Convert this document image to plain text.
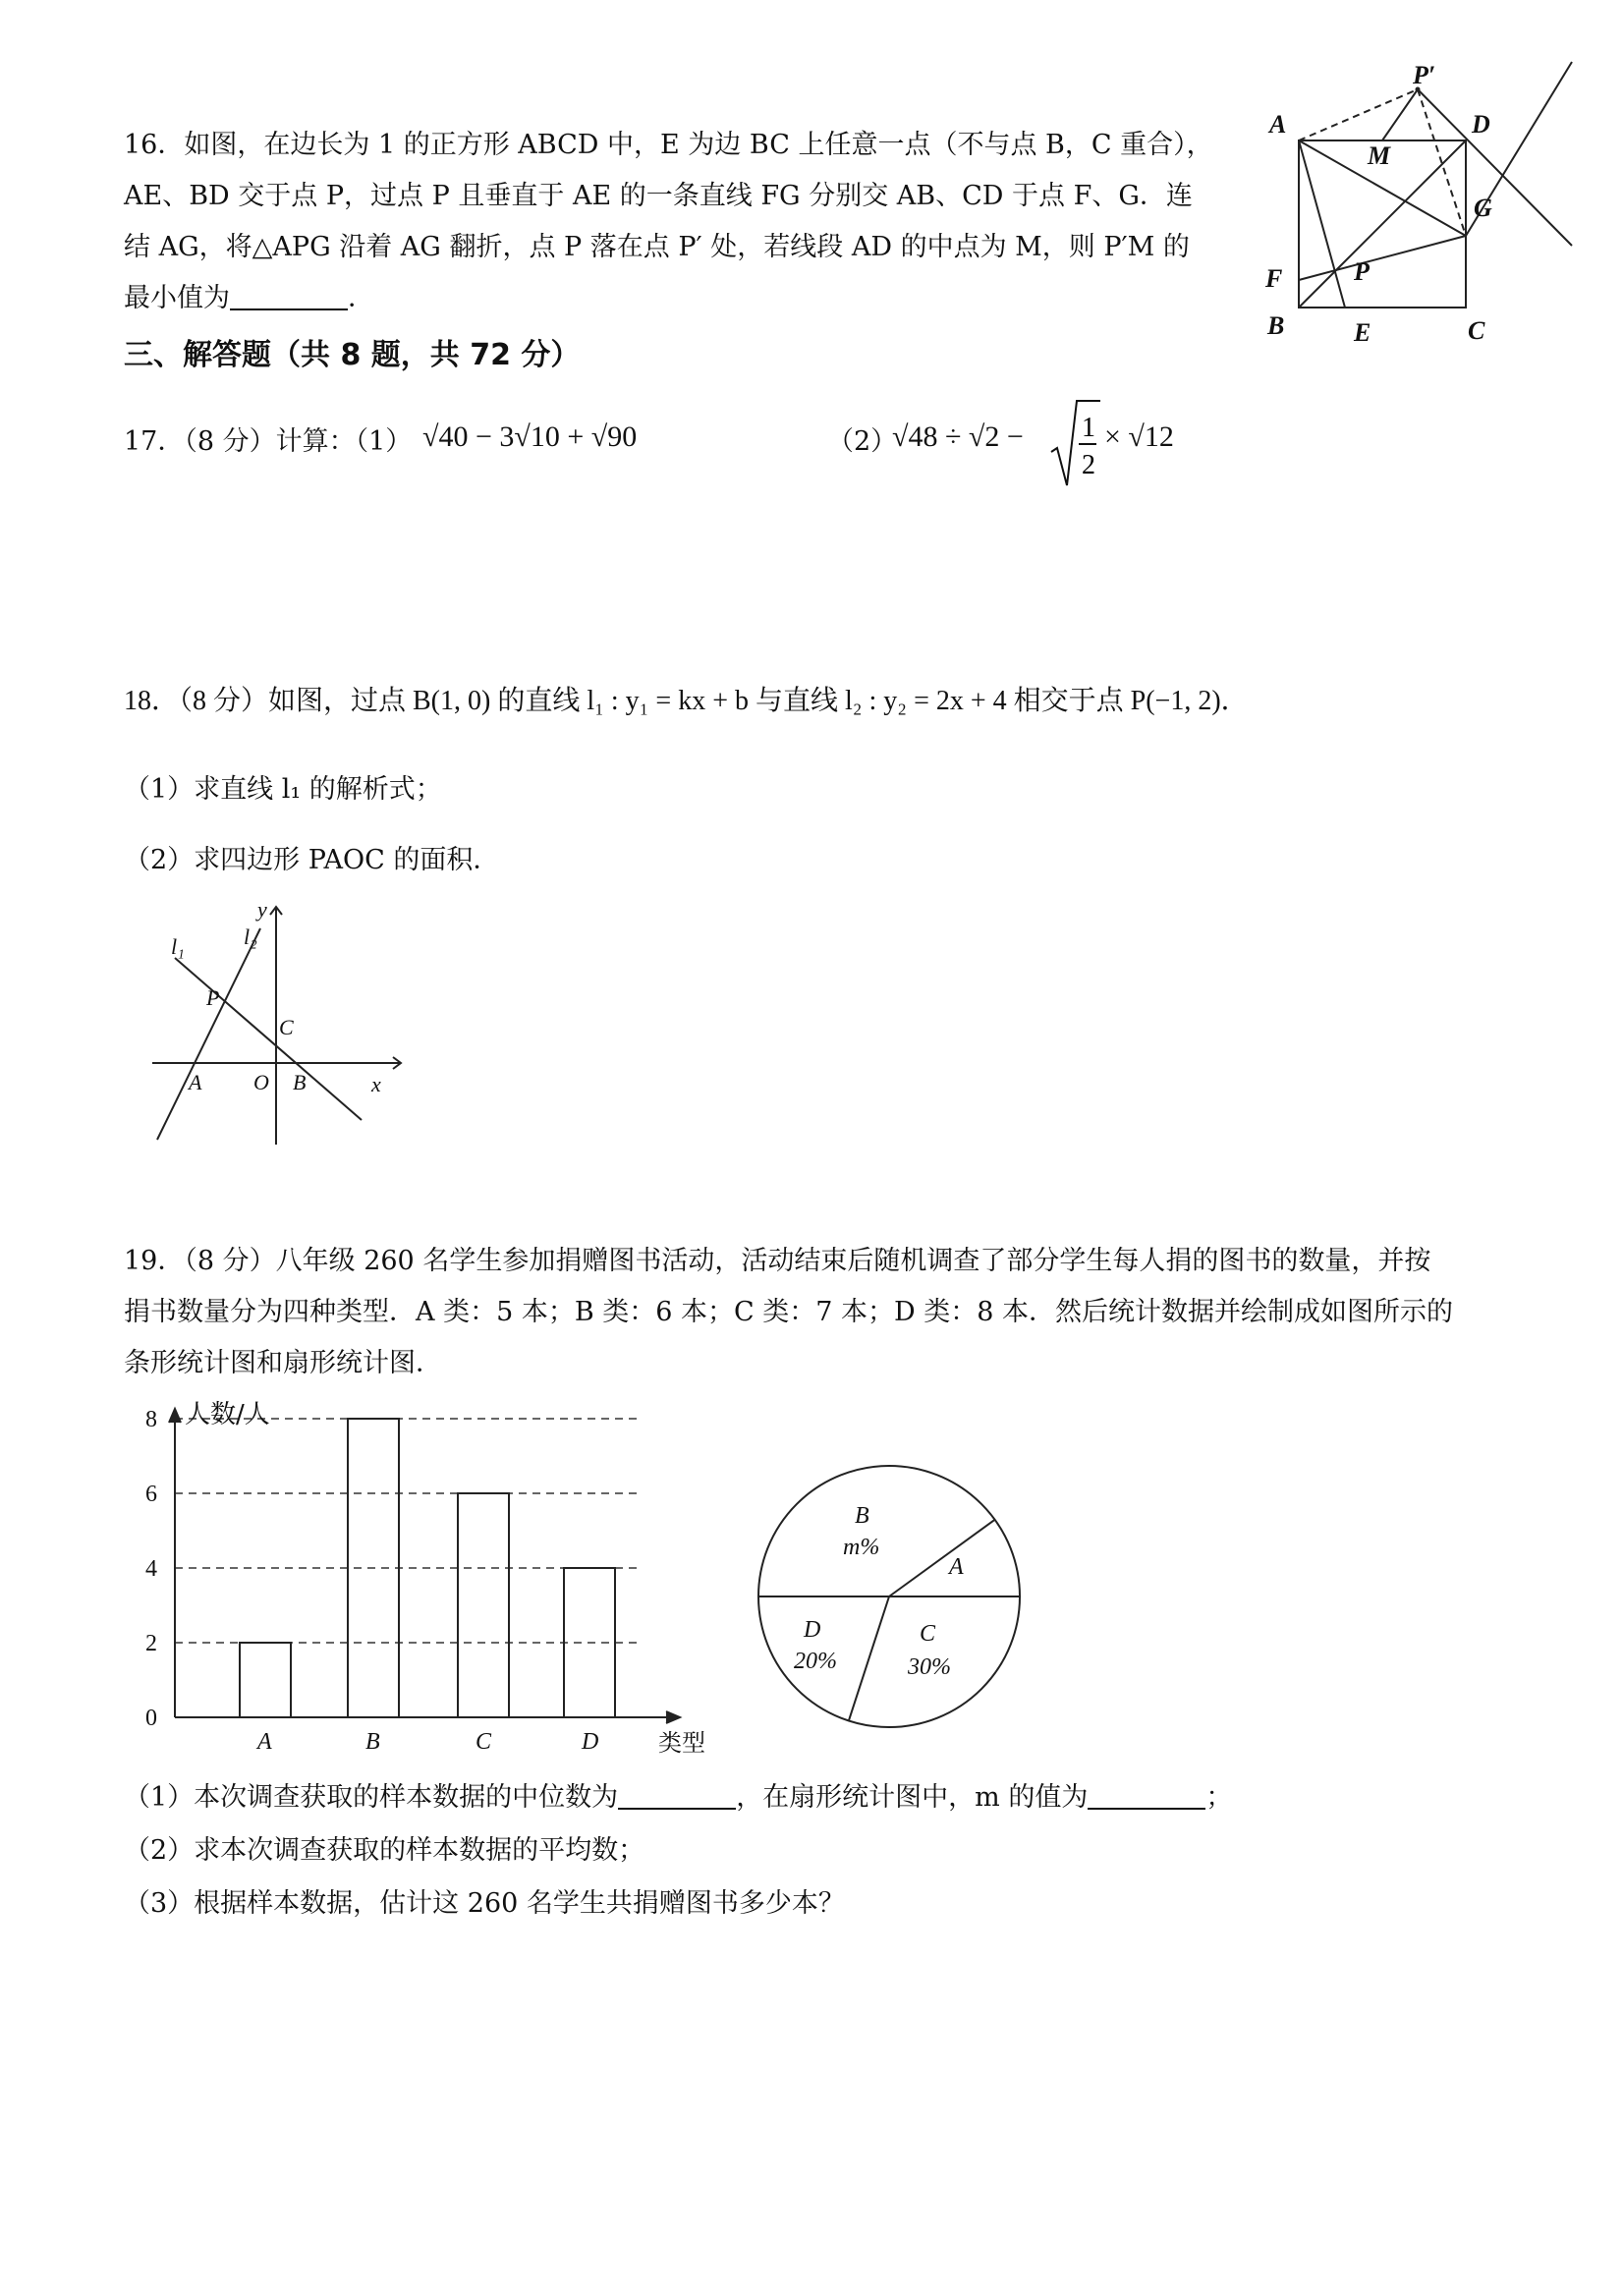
16．如图，在边长为 1 的正方形 ABCD 中，E 为边 BC 上任意一点（不与点 B，C 重合），
AE、BD 交于点 P，过点 P 且垂直于 AE 的一条直线 FG 分别交 AB、CD 于点 F、G．连
结 AG，将△APG 沿着 AG 翻折，点 P 落在点 P′ 处，若线段 AD 的中点为 M，则 P′M 的
最小值为	．
A	D
B	C
E
F
G
P
M
P′
三、解答题（共 8 题，共 72 分）
17．（8 分）计算：（1） √40 − 3√10 + √90	（2）
√48 ÷ √2 − 1
2
× √12
18．（8 分）如图，过点 B(1, 0) 的直线 l₁ : y₁ = kx + b 与直线 l₂ : y₂ = 2x + 4 相交于点 P(−1, 2)．
（1）求直线 l₁ 的解析式；
（2）求四边形 PAOC 的面积．
y
x
l₁	l₂
P
C
A O B
19．（8 分）八年级 260 名学生参加捐赠图书活动，活动结束后随机调查了部分学生每人捐的图书的数量，并按
捐书数量分为四种类型．A 类：5 本；B 类：6 本；C 类：7 本；D 类：8 本．然后统计数据并绘制成如图所示的
条形统计图和扇形统计图．
0
2
4
6
8
A	B	C	D
人数/人
类型
B
m%
A
C
30%
D
20%
（1）本次调查获取的样本数据的中位数为	，在扇形统计图中，m 的值为	；
（2）求本次调查获取的样本数据的平均数；
（3）根据样本数据，估计这 260 名学生共捐赠图书多少本？
